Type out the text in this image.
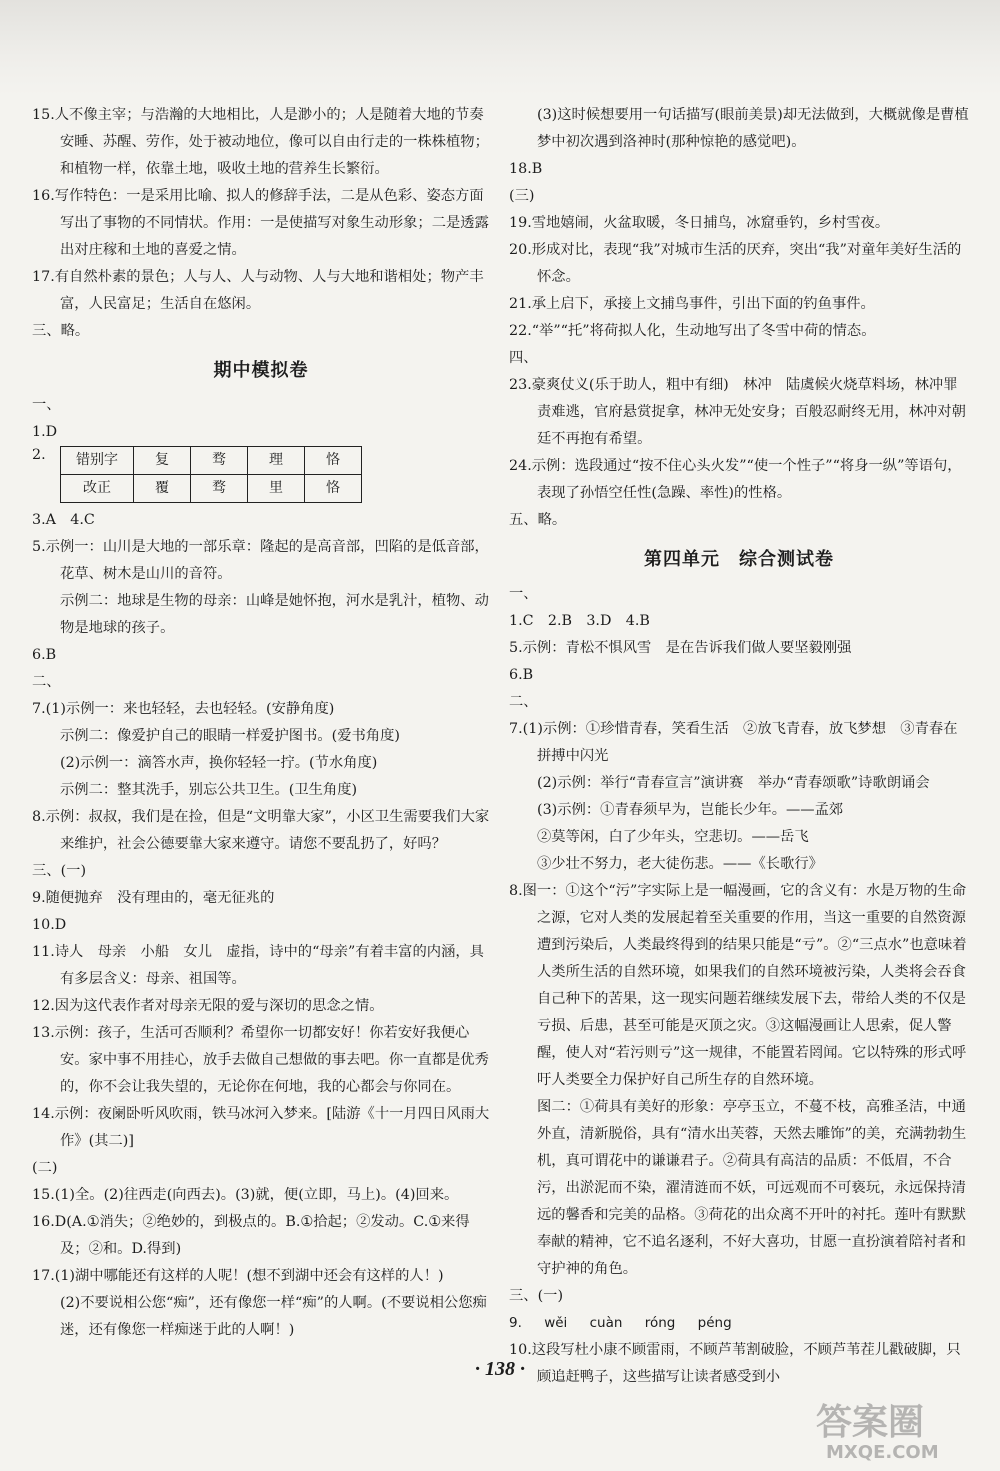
15.人不像主宰；与浩瀚的大地相比，人是渺小的；人是随着大地的节奏安睡、苏醒、劳作，处于被动地位，像可以自由行走的一株株植物；和植物一样，依靠土地，吸收土地的营养生长繁衍。

16.写作特色：一是采用比喻、拟人的修辞手法，二是从色彩、姿态方面写出了事物的不同情状。作用：一是使描写对象生动形象；二是透露出对庄稼和土地的喜爱之情。

17.有自然朴素的景色；人与人、人与动物、人与大地和谐相处；物产丰富，人民富足；生活自在悠闲。

三、略。

期中模拟卷

一、

1.D

2. 错别字	复	骛	理	恪
改正	覆	骛	里	恪

3.A　4.C

5.示例一：山川是大地的一部乐章：隆起的是高音部，凹陷的是低音部，花草、树木是山川的音符。

示例二：地球是生物的母亲：山峰是她怀抱，河水是乳汁，植物、动物是地球的孩子。

6.B

二、

7.(1)示例一：来也轻轻，去也轻轻。(安静角度)

示例二：像爱护自己的眼睛一样爱护图书。(爱书角度)

(2)示例一：滴答水声，换你轻轻一拧。(节水角度)

示例二：整其洗手，别忘公共卫生。(卫生角度)

8.示例：叔叔，我们是在捡，但是“文明靠大家”，小区卫生需要我们大家来维护，社会公德要靠大家来遵守。请您不要乱扔了，好吗？

三、(一)

9.随便抛弃　没有理由的，毫无征兆的

10.D

11.诗人　母亲　小船　女儿　虚指，诗中的“母亲”有着丰富的内涵，具有多层含义：母亲、祖国等。

12.因为这代表作者对母亲无限的爱与深切的思念之情。

13.示例：孩子，生活可否顺利？希望你一切都安好！你若安好我便心安。家中事不用挂心，放手去做自己想做的事去吧。你一直都是优秀的，你不会让我失望的，无论你在何地，我的心都会与你同在。

14.示例：夜阑卧听风吹雨，铁马冰河入梦来。[陆游《十一月四日风雨大作》(其二)]

(二)

15.(1)全。(2)往西走(向西去)。(3)就，便(立即，马上)。(4)回来。

16.D(A.①消失；②绝妙的，到极点的。B.①拾起；②发动。C.①来得及；②和。D.得到)

17.(1)湖中哪能还有这样的人呢！(想不到湖中还会有这样的人！)

(2)不要说相公您“痴”，还有像您一样“痴”的人啊。(不要说相公您痴迷，还有像您一样痴迷于此的人啊！)

(3)这时候想要用一句话描写(眼前美景)却无法做到，大概就像是曹植梦中初次遇到洛神时(那种惊艳的感觉吧)。

18.B

(三)

19.雪地嬉闹，火盆取暖，冬日捕鸟，冰窟垂钓，乡村雪夜。

20.形成对比，表现“我”对城市生活的厌弃，突出“我”对童年美好生活的怀念。

21.承上启下，承接上文捕鸟事件，引出下面的钓鱼事件。

22.“举”“托”将荷拟人化，生动地写出了冬雪中荷的情态。

四、

23.豪爽仗义(乐于助人，粗中有细)　林冲　陆虞候火烧草料场，林冲罪责难逃，官府悬赏捉拿，林冲无处安身；百般忍耐终无用，林冲对朝廷不再抱有希望。

24.示例：选段通过“按不住心头火发”“使一个性子”“将身一纵”等语句，表现了孙悟空任性(急躁、率性)的性格。

五、略。

第四单元　综合测试卷

一、

1.C　2.B　3.D　4.B

5.示例：青松不惧风雪　是在告诉我们做人要坚毅刚强

6.B

二、

7.(1)示例：①珍惜青春，笑看生活　②放飞青春，放飞梦想　③青春在拼搏中闪光

(2)示例：举行“青春宣言”演讲赛　举办“青春颂歌”诗歌朗诵会

(3)示例：①青春须早为，岂能长少年。——孟郊

②莫等闲，白了少年头，空悲切。——岳飞

③少壮不努力，老大徒伤悲。——《长歌行》

8.图一：①这个“污”字实际上是一幅漫画，它的含义有：水是万物的生命之源，它对人类的发展起着至关重要的作用，当这一重要的自然资源遭到污染后，人类最终得到的结果只能是“亏”。②“三点水”也意味着人类所生活的自然环境，如果我们的自然环境被污染，人类将会吞食自己种下的苦果，这一现实问题若继续发展下去，带给人类的不仅是亏损、后患，甚至可能是灭顶之灾。③这幅漫画让人思索，促人警醒，使人对“若污则亏”这一规律，不能置若罔闻。它以特殊的形式呼吁人类要全力保护好自己所生存的自然环境。

图二：①荷具有美好的形象：亭亭玉立，不蔓不枝，高雅圣洁，中通外直，清新脱俗，具有“清水出芙蓉，天然去雕饰”的美，充满勃勃生机，真可谓花中的谦谦君子。②荷具有高洁的品质：不低眉，不合污，出淤泥而不染，濯清涟而不妖，可远观而不可亵玩，永远保持清远的馨香和完美的品格。③荷花的出众离不开叶的衬托。莲叶有默默奉献的精神，它不追名逐利，不好大喜功，甘愿一直扮演着陪衬者和守护神的角色。

三、(一)

9. wěi cuàn róng péng

10.这段写杜小康不顾雷雨，不顾芦苇割破脸，不顾芦苇茬儿戳破脚，只顾追赶鸭子，这些描写让读者感受到小

· 138 ·
答案圈
MXQE.COM
